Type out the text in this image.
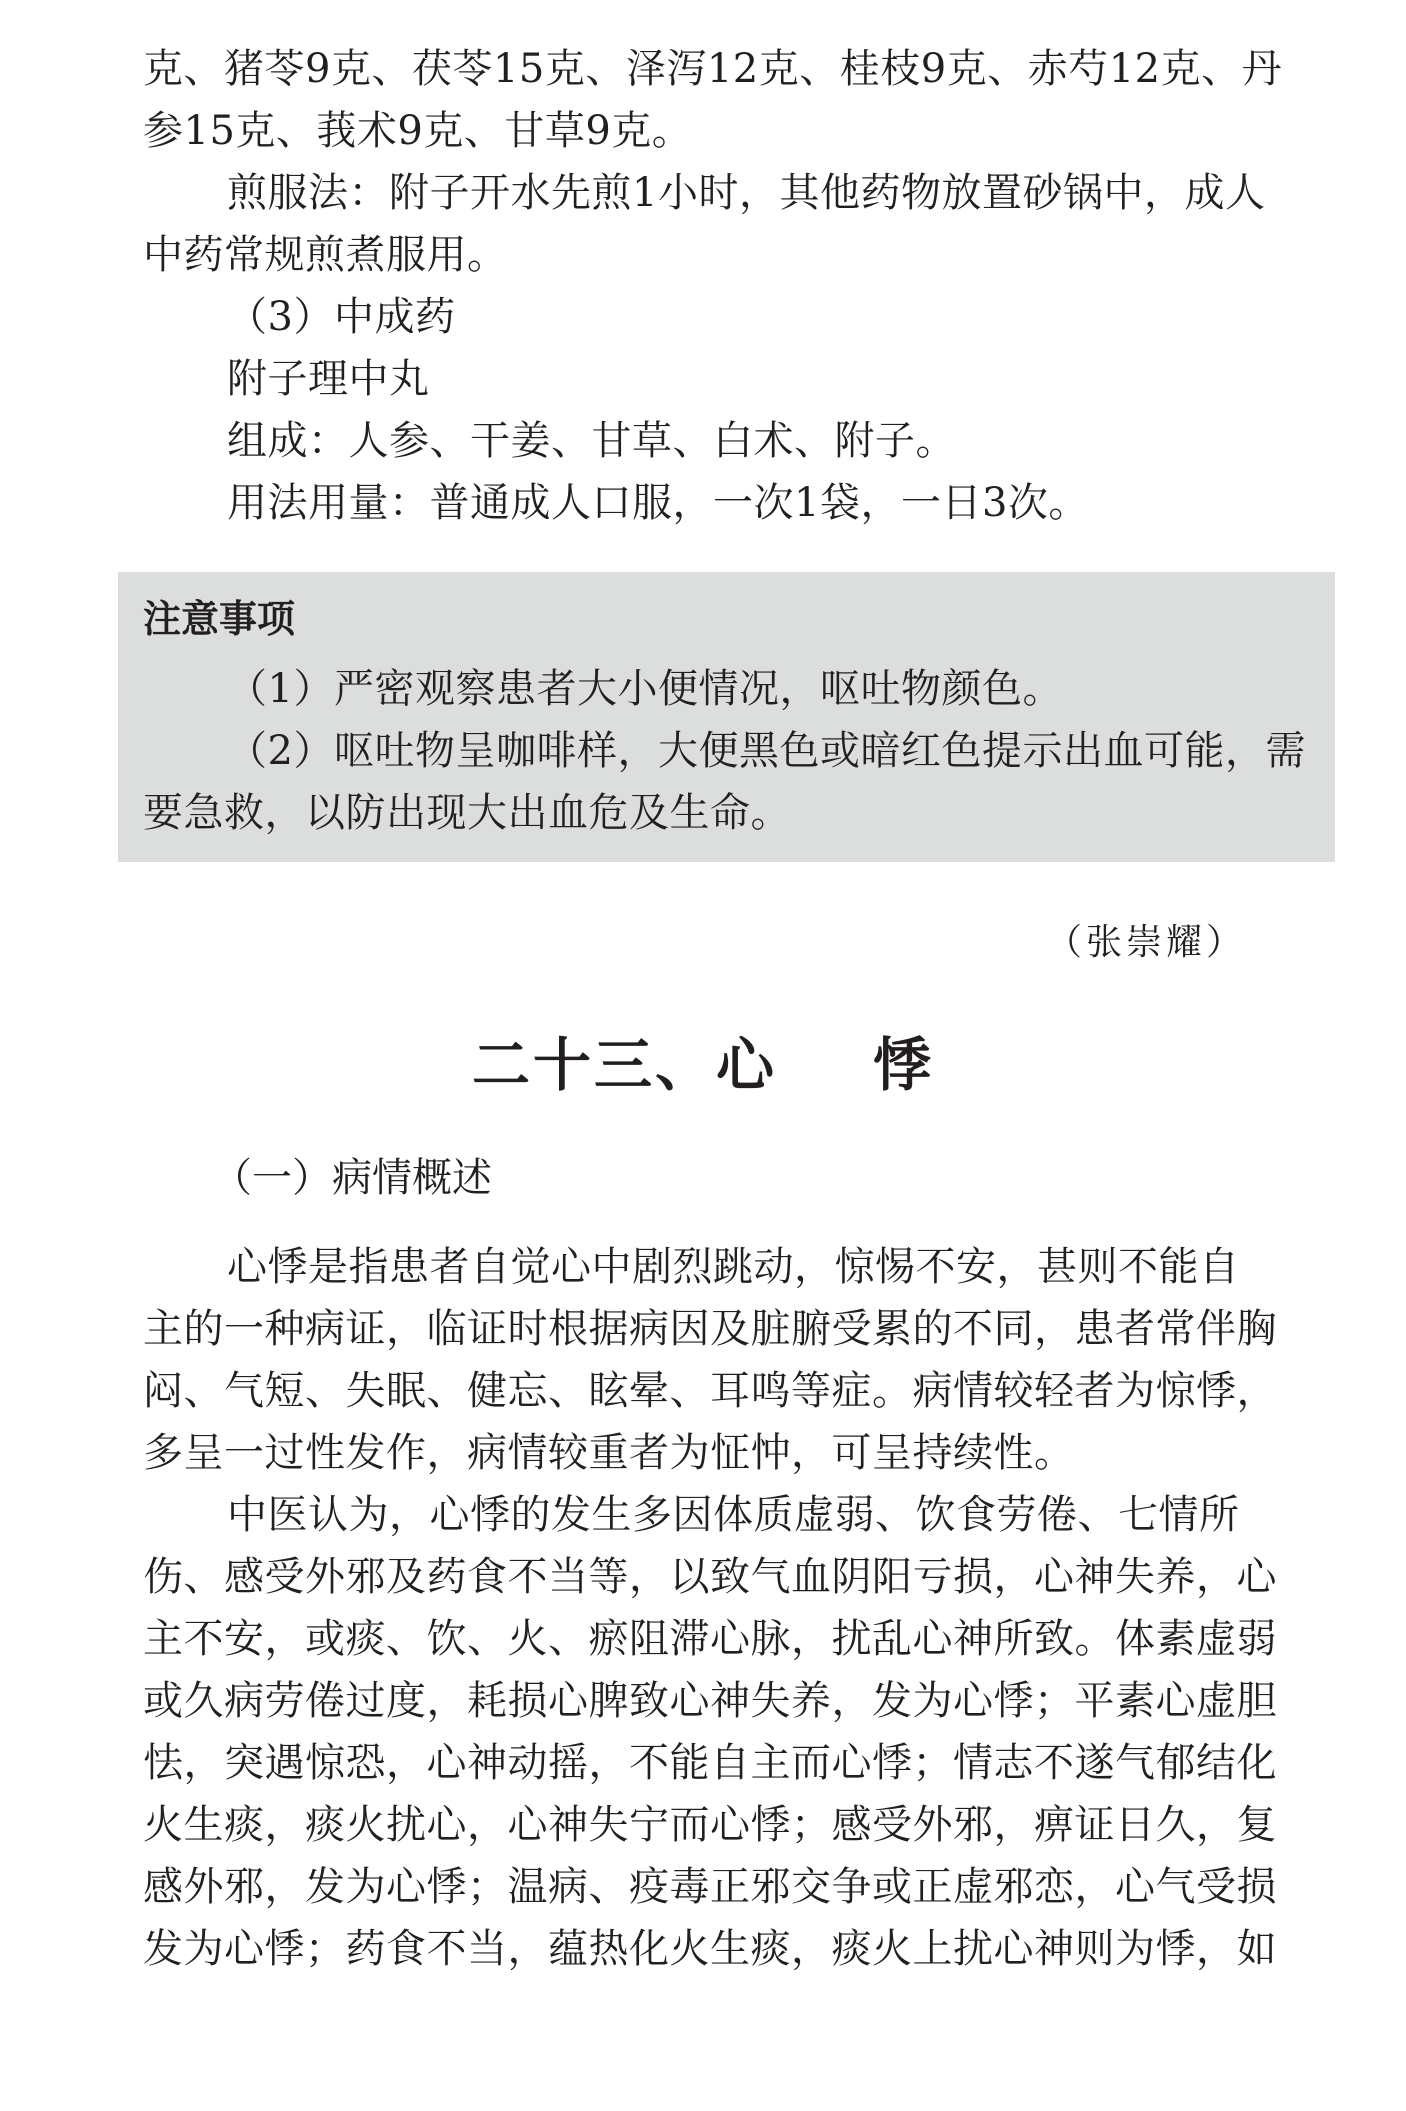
克、猪苓9克、茯苓15克、泽泻12克、桂枝9克、赤芍12克、丹

参15克、莪术9克、甘草9克。

煎服法：附子开水先煎1小时，其他药物放置砂锅中，成人

中药常规煎煮服用。

（3）中成药

附子理中丸

组成：人参、干姜、甘草、白术、附子。

用法用量：普通成人口服，一次1袋，一日3次。

注意事项

（1）严密观察患者大小便情况，呕吐物颜色。

（2）呕吐物呈咖啡样，大便黑色或暗红色提示出血可能，需

要急救，以防出现大出血危及生命。

（张崇耀）
二十三、心 悸
（一）病情概述

心悸是指患者自觉心中剧烈跳动，惊惕不安，甚则不能自

主的一种病证，临证时根据病因及脏腑受累的不同，患者常伴胸

闷、气短、失眠、健忘、眩晕、耳鸣等症。病情较轻者为惊悸，

多呈一过性发作，病情较重者为怔忡，可呈持续性。

中医认为，心悸的发生多因体质虚弱、饮食劳倦、七情所

伤、感受外邪及药食不当等，以致气血阴阳亏损，心神失养，心

主不安，或痰、饮、火、瘀阻滞心脉，扰乱心神所致。体素虚弱

或久病劳倦过度，耗损心脾致心神失养，发为心悸；平素心虚胆

怯，突遇惊恐，心神动摇，不能自主而心悸；情志不遂气郁结化

火生痰，痰火扰心，心神失宁而心悸；感受外邪，痹证日久，复

感外邪，发为心悸；温病、疫毒正邪交争或正虚邪恋，心气受损

发为心悸；药食不当，蕴热化火生痰，痰火上扰心神则为悸，如
